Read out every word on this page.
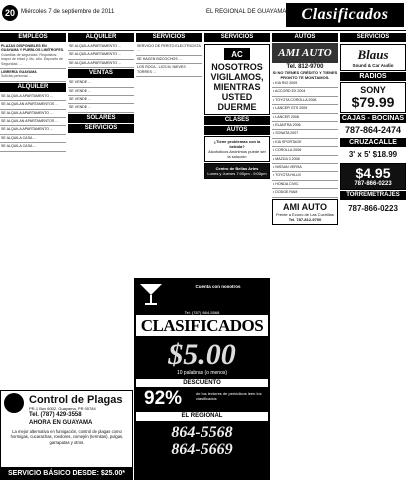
20	Miércoles 7 de septiembre de 2011	EL REGIONAL DE GUAYAMA Clasificados
EMPLEOS	ALQUILER	SERVICIOS	SERVICIOS	AUTOS	SERVICIOS
PLAZAS DISPONIBLES EN GUAYAMA Y PUEBLOS LIMÍTROFES.
Guardias de seguridad. Requisitos: mayor de edad y 4to. año. Deposito de Seguridad. ...
LIBRERÍA GUAYAMA
Solicita personal. ...
ALQUILER
SE ALQUILA APARTAMENTO ...
SE ALQUILAN APARTAMENTOS ...
SE ALQUILA APARTAMENTO ...
SE ALQUILAN APARTAMENTOS ...
SE ALQUILA APARTAMENTO ...
SE ALQUILA CASA ...
SE ALQUILA CASA ...
SE ALQUILA APARTAMENTO ...
SE ALQUILA APARTAMENTO ...
SE ALQUILA APARTAMENTO ...
VENTAS
SE VENDE ...
SE VENDE ...
SE VENDE ...
SE VENDE ...
SOLARES
SERVICIOS
SERVICIO DE PERITO ELECTRICISTA ...
SE HACEN BIZCOCHOS ...
LOS ROCA - LICS M. NIEVES TORRES ...
AC
NOSOTROS VIGILAMOS, MIENTRAS USTED DUERME
CLASES
AUTOS
¿Tiene problemas con la bebida?
Alcohólicos Anónimos puede ser la solución
Centro de Bellas Artes
Lunes y Jueves 7:00pm - 9:00pm
AMI AUTO
Tel. 812-9700
SI NO TIENES CRÉDITO Y TIENES PRONTO TE MONTAMOS.
• KIA RIO 2009
• ACCORD EX 2004
• TOYOTA COROLLA 2008
• LANCER GTS 2009
• LANCER 2008
• ELANTRA 2006
• SONATA 2007
• KIA SPORTAGE
• COROLLA 2006
• MAZDA 3 2008
• NISSAN VERSA
• TOYOTA HILUX
• HONDA CIVIC
• DODGE RAM
AMI AUTO
Frente a Econo de Las Cuchillas
Tel. 787-812-9700
Blaus
Sound & Car Audio
RADIOS
SONY
$79.99
CAJAS - BOCINAS
787-864-2474
CRUZACALLE
3' x 5' $18.99
$4.95
787-866-0223
TORREMETRAJES
787-866-0223
Cuenta con nosotros
Tel. (787) 864-5568
CLASIFICADOS
$5.00
10 palabras (o menos)
DESCUENTO
92%	de los lectores de periódicos leen los clasificados
EL REGIONAL
864-5568
864-5669
Control de Plagas
PR-1 Box 6002, Guayama, PR 00784
Tel. (787) 429-3558
AHORA EN GUAYAMA
La mejor alternativa en fumigación, control de plagas como hormigas, cucarachas, roedores, comején (termitas), pulgas, garrapatas y otros.
SERVICIO BÁSICO DESDE: $25.00*
